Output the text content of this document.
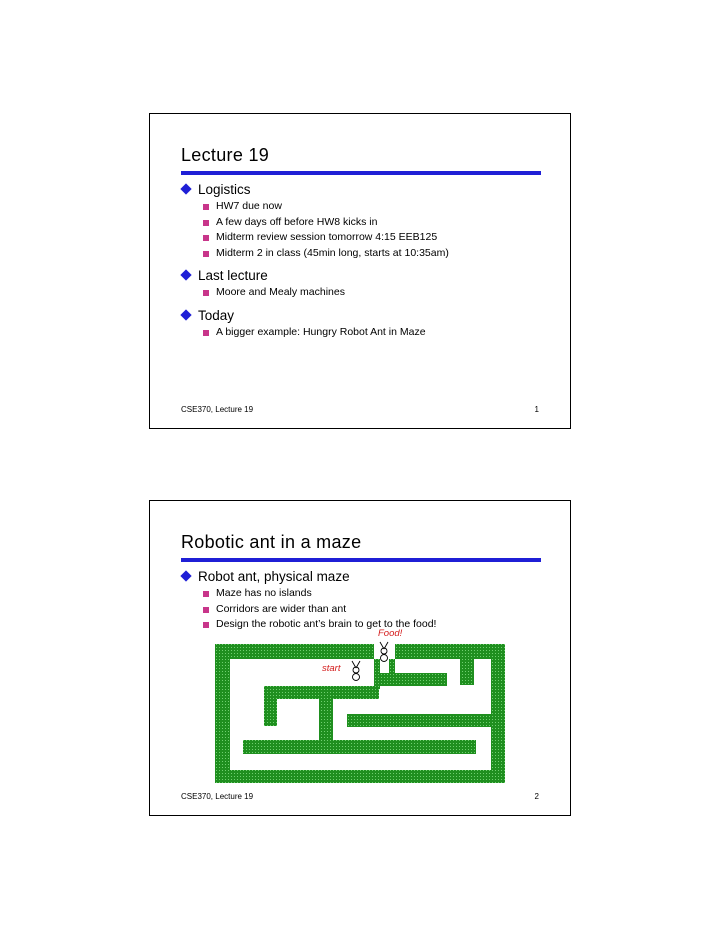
Lecture 19
Logistics
HW7 due now
A few days off before HW8 kicks in
Midterm review session tomorrow 4:15 EEB125
Midterm 2 in class (45min long, starts at 10:35am)
Last lecture
Moore and Mealy machines
Today
A bigger example: Hungry Robot Ant in Maze
CSE370, Lecture 19	1
Robotic ant in a maze
Robot ant, physical maze
Maze has no islands
Corridors are wider than ant
Design the robotic ant’s brain to get to the food!
Food!
start
CSE370, Lecture 19	2
